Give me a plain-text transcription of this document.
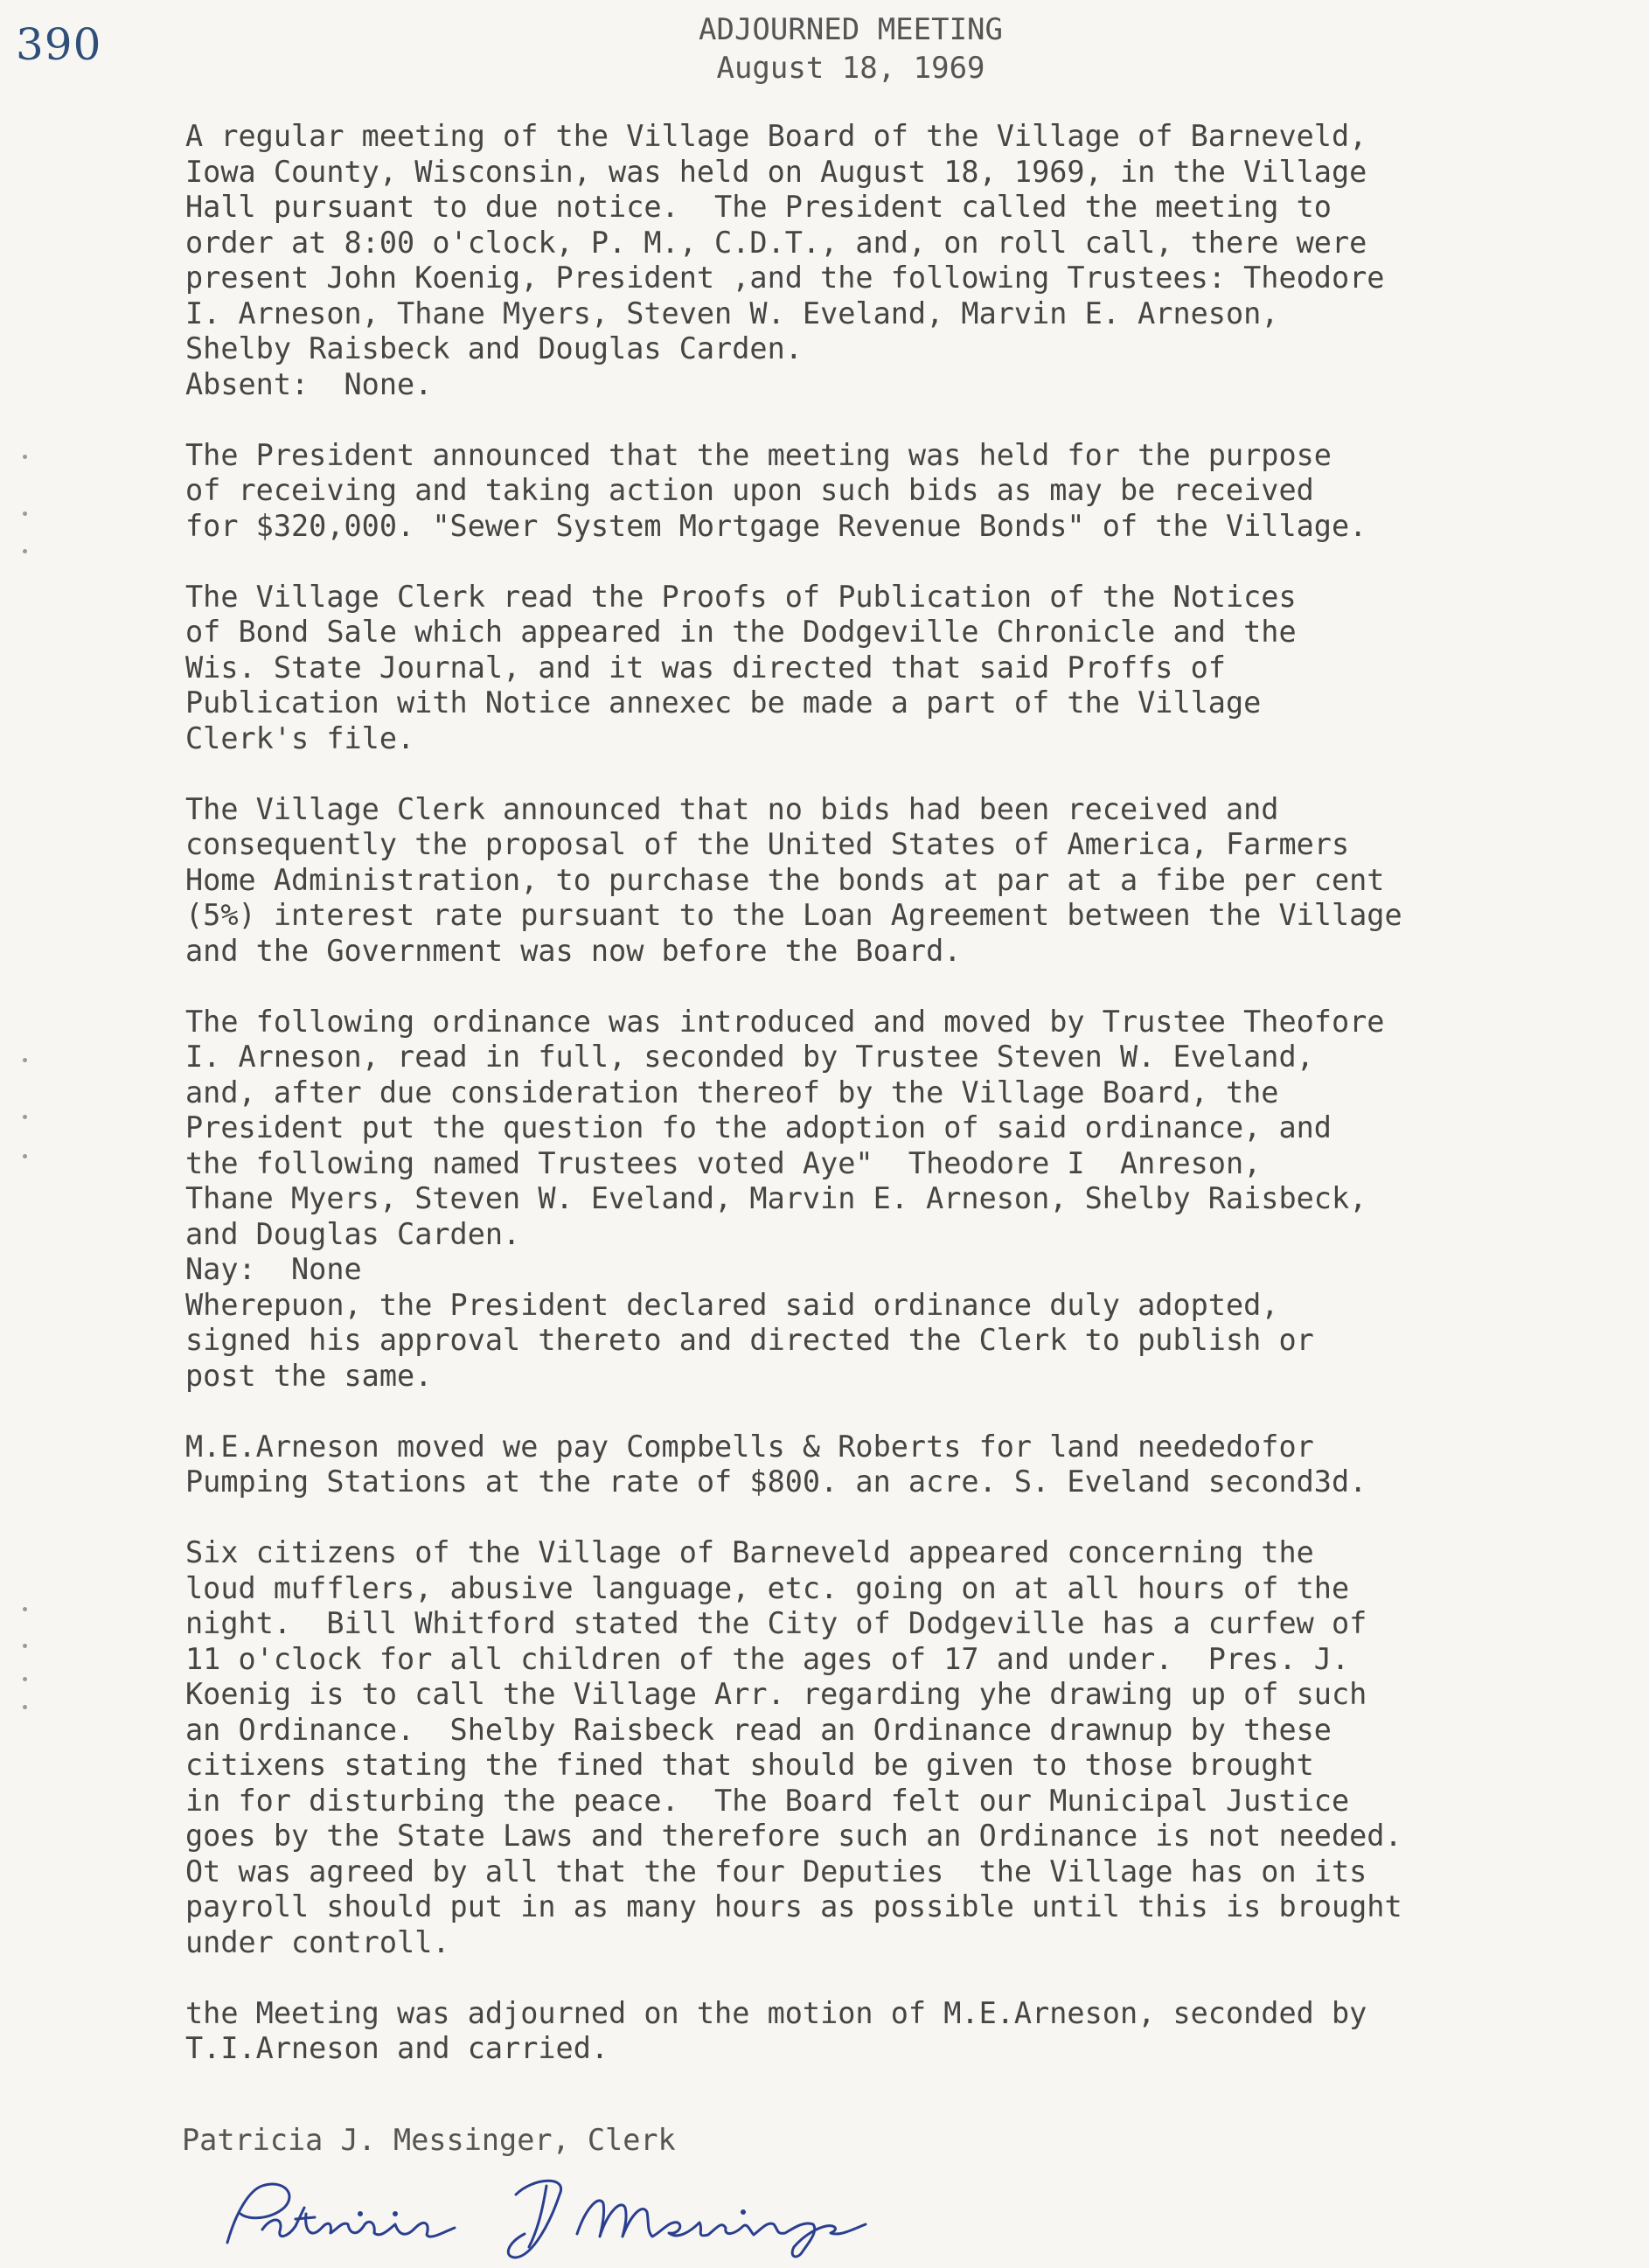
390	ADJOURNED MEETING
August 18, 1969

A regular meeting of the Village Board of the Village of Barneveld,
Iowa County, Wisconsin, was held on August 18, 1969, in the Village
Hall pursuant to due notice.  The President called the meeting to
order at 8:00 o'clock, P. M., C.D.T., and, on roll call, there were
present John Koenig, President ,and the following Trustees: Theodore
I. Arneson, Thane Myers, Steven W. Eveland, Marvin E. Arneson,
Shelby Raisbeck and Douglas Carden.
Absent:  None.

The President announced that the meeting was held for the purpose
of receiving and taking action upon such bids as may be received
for $320,000. "Sewer System Mortgage Revenue Bonds" of the Village.

The Village Clerk read the Proofs of Publication of the Notices
of Bond Sale which appeared in the Dodgeville Chronicle and the
Wis. State Journal, and it was directed that said Proffs of
Publication with Notice annexec be made a part of the Village
Clerk's file.

The Village Clerk announced that no bids had been received and
consequently the proposal of the United States of America, Farmers
Home Administration, to purchase the bonds at par at a fibe per cent
(5%) interest rate pursuant to the Loan Agreement between the Village
and the Government was now before the Board.

The following ordinance was introduced and moved by Trustee Theofore
I. Arneson, read in full, seconded by Trustee Steven W. Eveland,
and, after due consideration thereof by the Village Board, the
President put the question fo the adoption of said ordinance, and
the following named Trustees voted Aye"  Theodore I  Anreson,
Thane Myers, Steven W. Eveland, Marvin E. Arneson, Shelby Raisbeck,
and Douglas Carden.
Nay:  None
Wherepuon, the President declared said ordinance duly adopted,
signed his approval thereto and directed the Clerk to publish or
post the same.

M.E.Arneson moved we pay Compbells & Roberts for land neededofor
Pumping Stations at the rate of $800. an acre. S. Eveland second3d.

Six citizens of the Village of Barneveld appeared concerning the
loud mufflers, abusive language, etc. going on at all hours of the
night.  Bill Whitford stated the City of Dodgeville has a curfew of
11 o'clock for all children of the ages of 17 and under.  Pres. J.
Koenig is to call the Village Arr. regarding yhe drawing up of such
an Ordinance.  Shelby Raisbeck read an Ordinance drawnup by these
citixens stating the fined that should be given to those brought
in for disturbing the peace.  The Board felt our Municipal Justice
goes by the State Laws and therefore such an Ordinance is not needed.
Ot was agreed by all that the four Deputies  the Village has on its
payroll should put in as many hours as possible until this is brought
under controll.

the Meeting was adjourned on the motion of M.E.Arneson, seconded by
T.I.Arneson and carried.

Patricia J. Messinger, Clerk
